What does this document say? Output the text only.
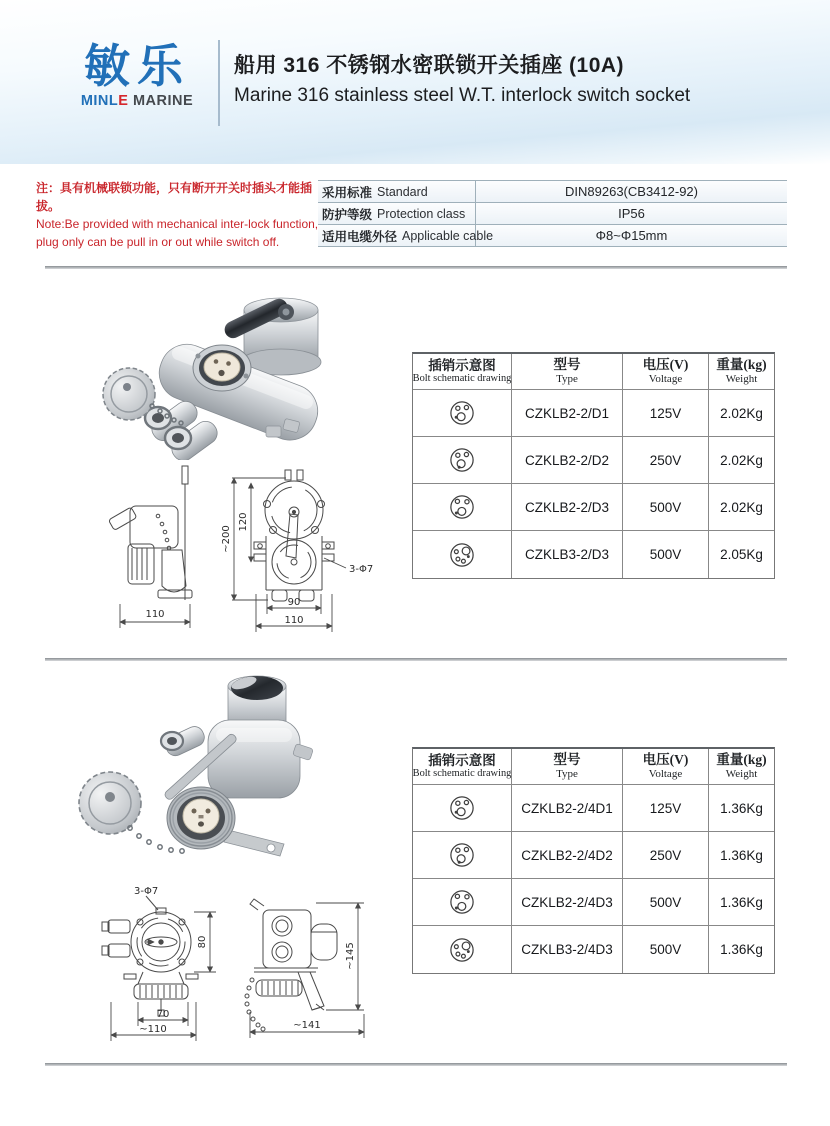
敏乐
MINLE MARINE
船用 316 不锈钢水密联锁开关插座 (10A)
Marine 316 stainless steel W.T. interlock switch socket
注：具有机械联锁功能，只有断开开关时插头才能插拔。
Note:Be provided with mechanical inter-lock function,
plug only can be pull in or out while switch off.
采用标准 Standard	DIN89263(CB3412-92)
防护等级 Protection class	IP56
适用电缆外径 Applicable cable	Φ8~Φ15mm
110
~200
120
3-Φ7
90
110
插销示意图
Bolt schematic drawing
型号
Type
电压(V)
Voltage
重量(kg)
Weight
CZKLB2-2/D1	125V	2.02Kg
CZKLB2-2/D2	250V	2.02Kg
CZKLB2-2/D3	500V	2.02Kg
CZKLB3-2/D3	500V	2.05Kg
3-Φ7
80
70
~110
~145
~141
插销示意图
Bolt schematic drawing
型号
Type
电压(V)
Voltage
重量(kg)
Weight
CZKLB2-2/4D1	125V	1.36Kg
CZKLB2-2/4D2	250V	1.36Kg
CZKLB2-2/4D3	500V	1.36Kg
CZKLB3-2/4D3	500V	1.36Kg
